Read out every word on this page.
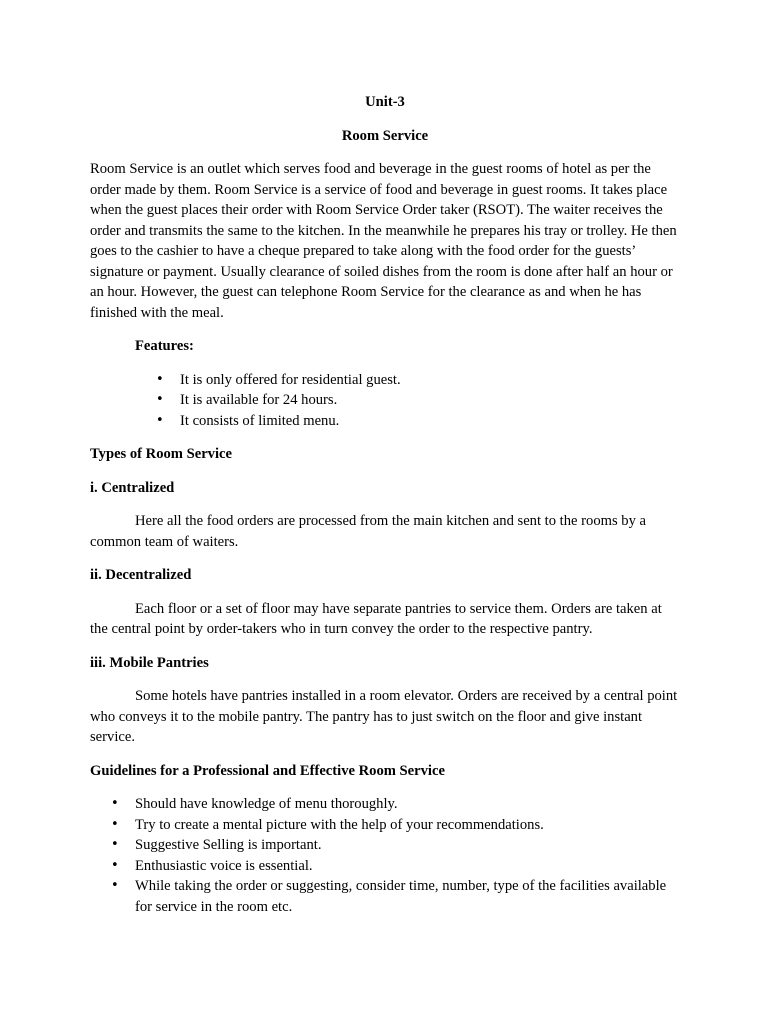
Unit-3
Room Service

Room Service is an outlet which serves food and beverage in the guest rooms of hotel as per the order made by them. Room Service is a service of food and beverage in guest rooms. It takes place when the guest places their order with Room Service Order taker (RSOT). The waiter receives the order and transmits the same to the kitchen. In the meanwhile he prepares his tray or trolley. He then goes to the cashier to have a cheque prepared to take along with the food order for the guests’ signature or payment. Usually clearance of soiled dishes from the room is done after half an hour or an hour. However, the guest can telephone Room Service for the clearance as and when he has finished with the meal.

Features:
• It is only offered for residential guest.
• It is available for 24 hours.
• It consists of limited menu.
Types of Room Service
i. Centralized

Here all the food orders are processed from the main kitchen and sent to the rooms by a common team of waiters.

ii. Decentralized

Each floor or a set of floor may have separate pantries to service them. Orders are taken at the central point by order-takers who in turn convey the order to the respective pantry.

iii. Mobile Pantries

Some hotels have pantries installed in a room elevator. Orders are received by a central point who conveys it to the mobile pantry. The pantry has to just switch on the floor and give instant service.

Guidelines for a Professional and Effective Room Service
• Should have knowledge of menu thoroughly.
• Try to create a mental picture with the help of your recommendations.
• Suggestive Selling is important.
• Enthusiastic voice is essential.
• While taking the order or suggesting, consider time, number, type of the facilities available for service in the room etc.
